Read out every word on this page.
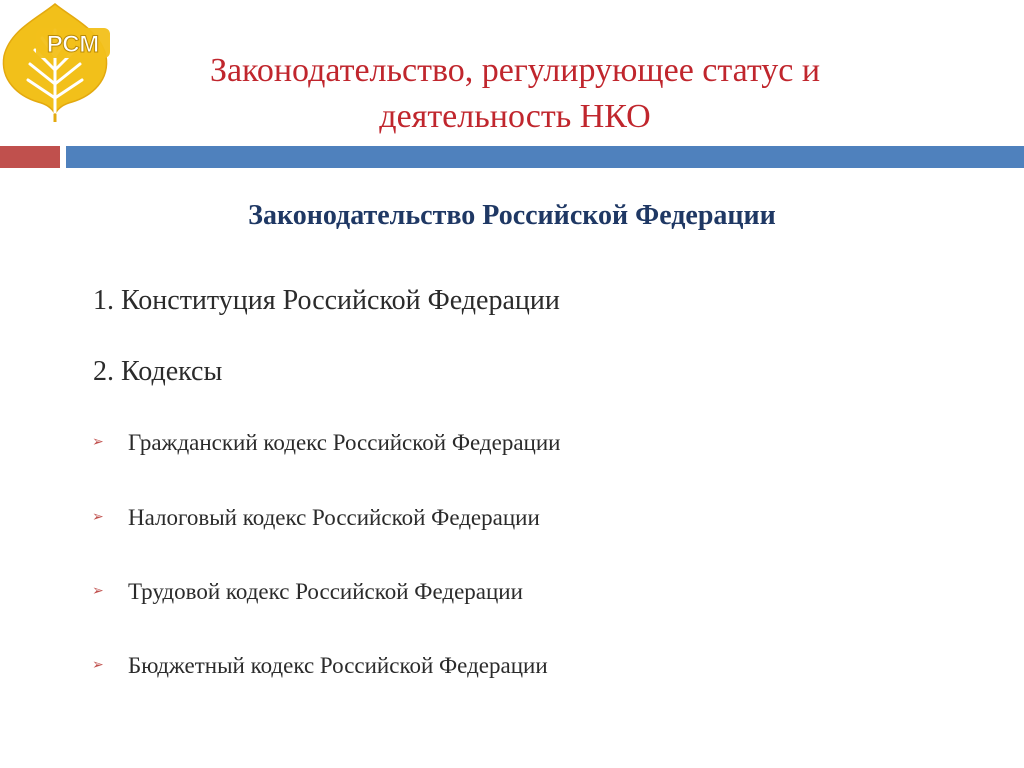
РСМ
Законодательство, регулирующее статус и
деятельность НКО
Законодательство Российской Федерации
1. Конституция Российской Федерации
2. Кодексы
➢	Гражданский кодекс Российской Федерации
➢	Налоговый кодекс Российской Федерации
➢	Трудовой кодекс Российской Федерации
➢	Бюджетный кодекс Российской Федерации
